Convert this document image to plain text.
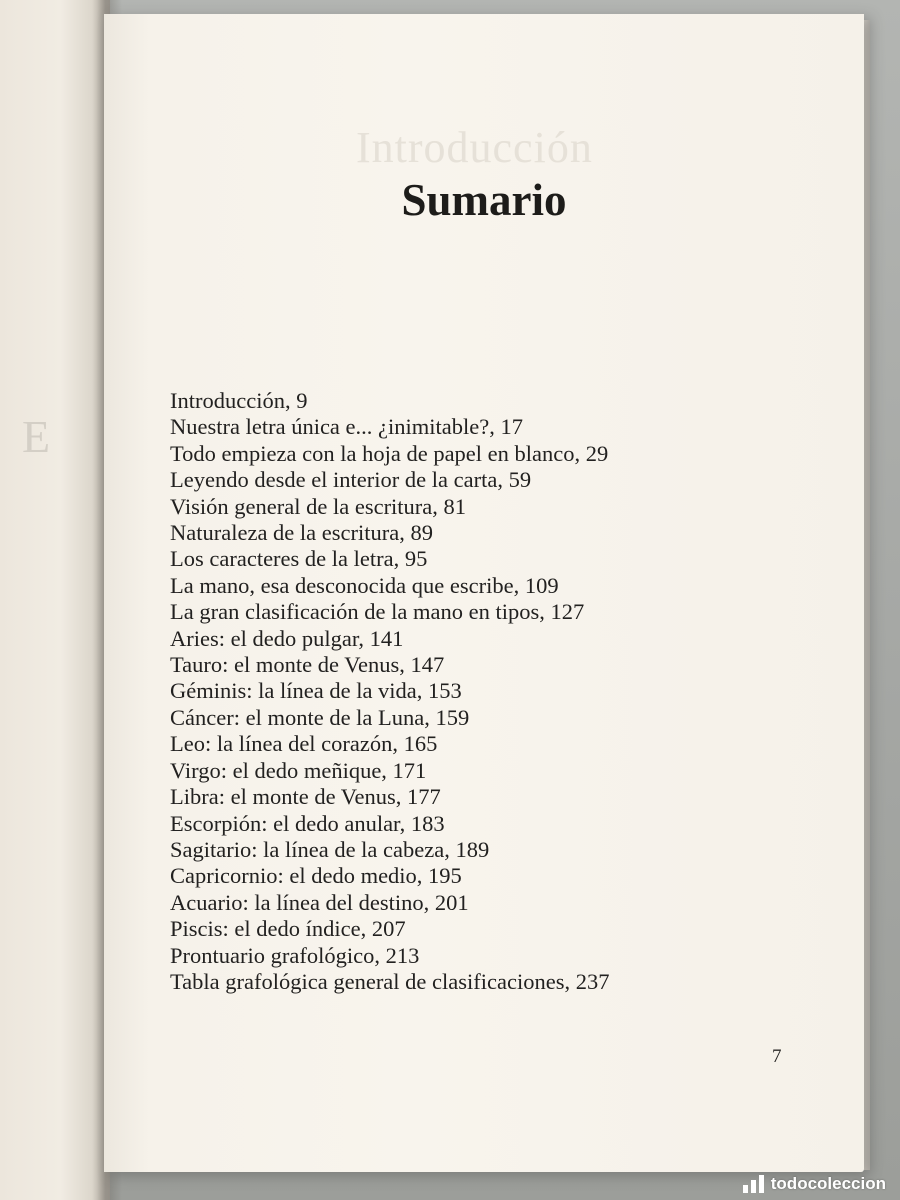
E
Introducción
Sumario
Introducción, 9
Nuestra letra única e... ¿inimitable?, 17
Todo empieza con la hoja de papel en blanco, 29
Leyendo desde el interior de la carta, 59
Visión general de la escritura, 81
Naturaleza de la escritura, 89
Los caracteres de la letra, 95
La mano, esa desconocida que escribe, 109
La gran clasificación de la mano en tipos, 127
Aries: el dedo pulgar, 141
Tauro: el monte de Venus, 147
Géminis: la línea de la vida, 153
Cáncer: el monte de la Luna, 159
Leo: la línea del corazón, 165
Virgo: el dedo meñique, 171
Libra: el monte de Venus, 177
Escorpión: el dedo anular, 183
Sagitario: la línea de la cabeza, 189
Capricornio: el dedo medio, 195
Acuario: la línea del destino, 201
Piscis: el dedo índice, 207
Prontuario grafológico, 213
Tabla grafológica general de clasificaciones, 237
7
todocoleccion
